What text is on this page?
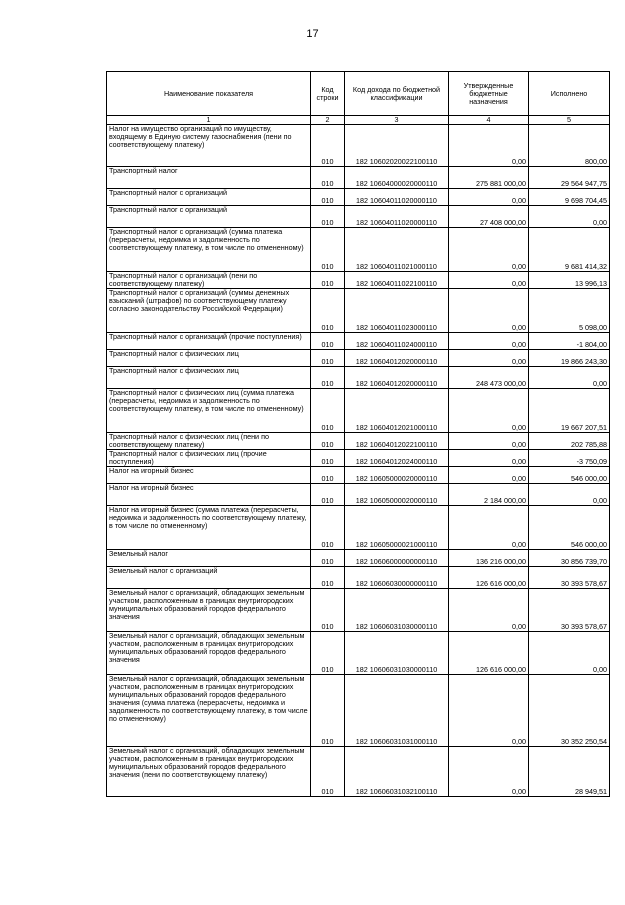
17
Наименование показателя	Код строки	Код дохода по бюджетной классификации	Утвержденные бюджетные назначения	Исполнено
1	2	3	4	5
Налог на имущество организаций по имуществу, входящему в Единую систему газоснабжения (пени по соответствующему платежу)	010	182 10602020022100110	0,00	800,00
Транспортный налог	010	182 10604000020000110	275 881 000,00	29 564 947,75
Транспортный налог с организаций	010	182 10604011020000110	0,00	9 698 704,45
Транспортный налог с организаций	010	182 10604011020000110	27 408 000,00	0,00
Транспортный налог с организаций (сумма платежа (перерасчеты, недоимка и задолженность по соответствующему платежу, в том числе по отмененному)	010	182 10604011021000110	0,00	9 681 414,32
Транспортный налог с организаций (пени по соответствующему платежу)	010	182 10604011022100110	0,00	13 996,13
Транспортный налог с организаций (суммы денежных взысканий (штрафов) по соответствующему платежу согласно законодательству Российской Федерации)	010	182 10604011023000110	0,00	5 098,00
Транспортный налог с организаций (прочие поступления)	010	182 10604011024000110	0,00	-1 804,00
Транспортный налог с физических лиц	010	182 10604012020000110	0,00	19 866 243,30
Транспортный налог с физических лиц	010	182 10604012020000110	248 473 000,00	0,00
Транспортный налог с физических лиц (сумма платежа (перерасчеты, недоимка и задолженность по соответствующему платежу, в том числе по отмененному)	010	182 10604012021000110	0,00	19 667 207,51
Транспортный налог с физических лиц (пени по соответствующему платежу)	010	182 10604012022100110	0,00	202 785,88
Транспортный налог с физических лиц (прочие поступления)	010	182 10604012024000110	0,00	-3 750,09
Налог на игорный бизнес	010	182 10605000020000110	0,00	546 000,00
Налог на игорный бизнес	010	182 10605000020000110	2 184 000,00	0,00
Налог на игорный бизнес (сумма платежа (перерасчеты, недоимка и задолженность по соответствующему платежу, в том числе по отмененному)	010	182 10605000021000110	0,00	546 000,00
Земельный налог	010	182 10606000000000110	136 216 000,00	30 856 739,70
Земельный налог с организаций	010	182 10606030000000110	126 616 000,00	30 393 578,67
Земельный налог с организаций, обладающих земельным участком, расположенным в границах внутригородских муниципальных образований городов федерального значения	010	182 10606031030000110	0,00	30 393 578,67
Земельный налог с организаций, обладающих земельным участком, расположенным в границах внутригородских муниципальных образований городов федерального значения	010	182 10606031030000110	126 616 000,00	0,00
Земельный налог с организаций, обладающих земельным участком, расположенным в границах внутригородских муниципальных образований городов федерального значения (сумма платежа (перерасчеты, недоимка и задолженность по соответствующему платежу, в том числе по отмененному)	010	182 10606031031000110	0,00	30 352 250,54
Земельный налог с организаций, обладающих земельным участком, расположенным в границах внутригородских муниципальных образований городов федерального значения (пени по соответствующему платежу)	010	182 10606031032100110	0,00	28 949,51
